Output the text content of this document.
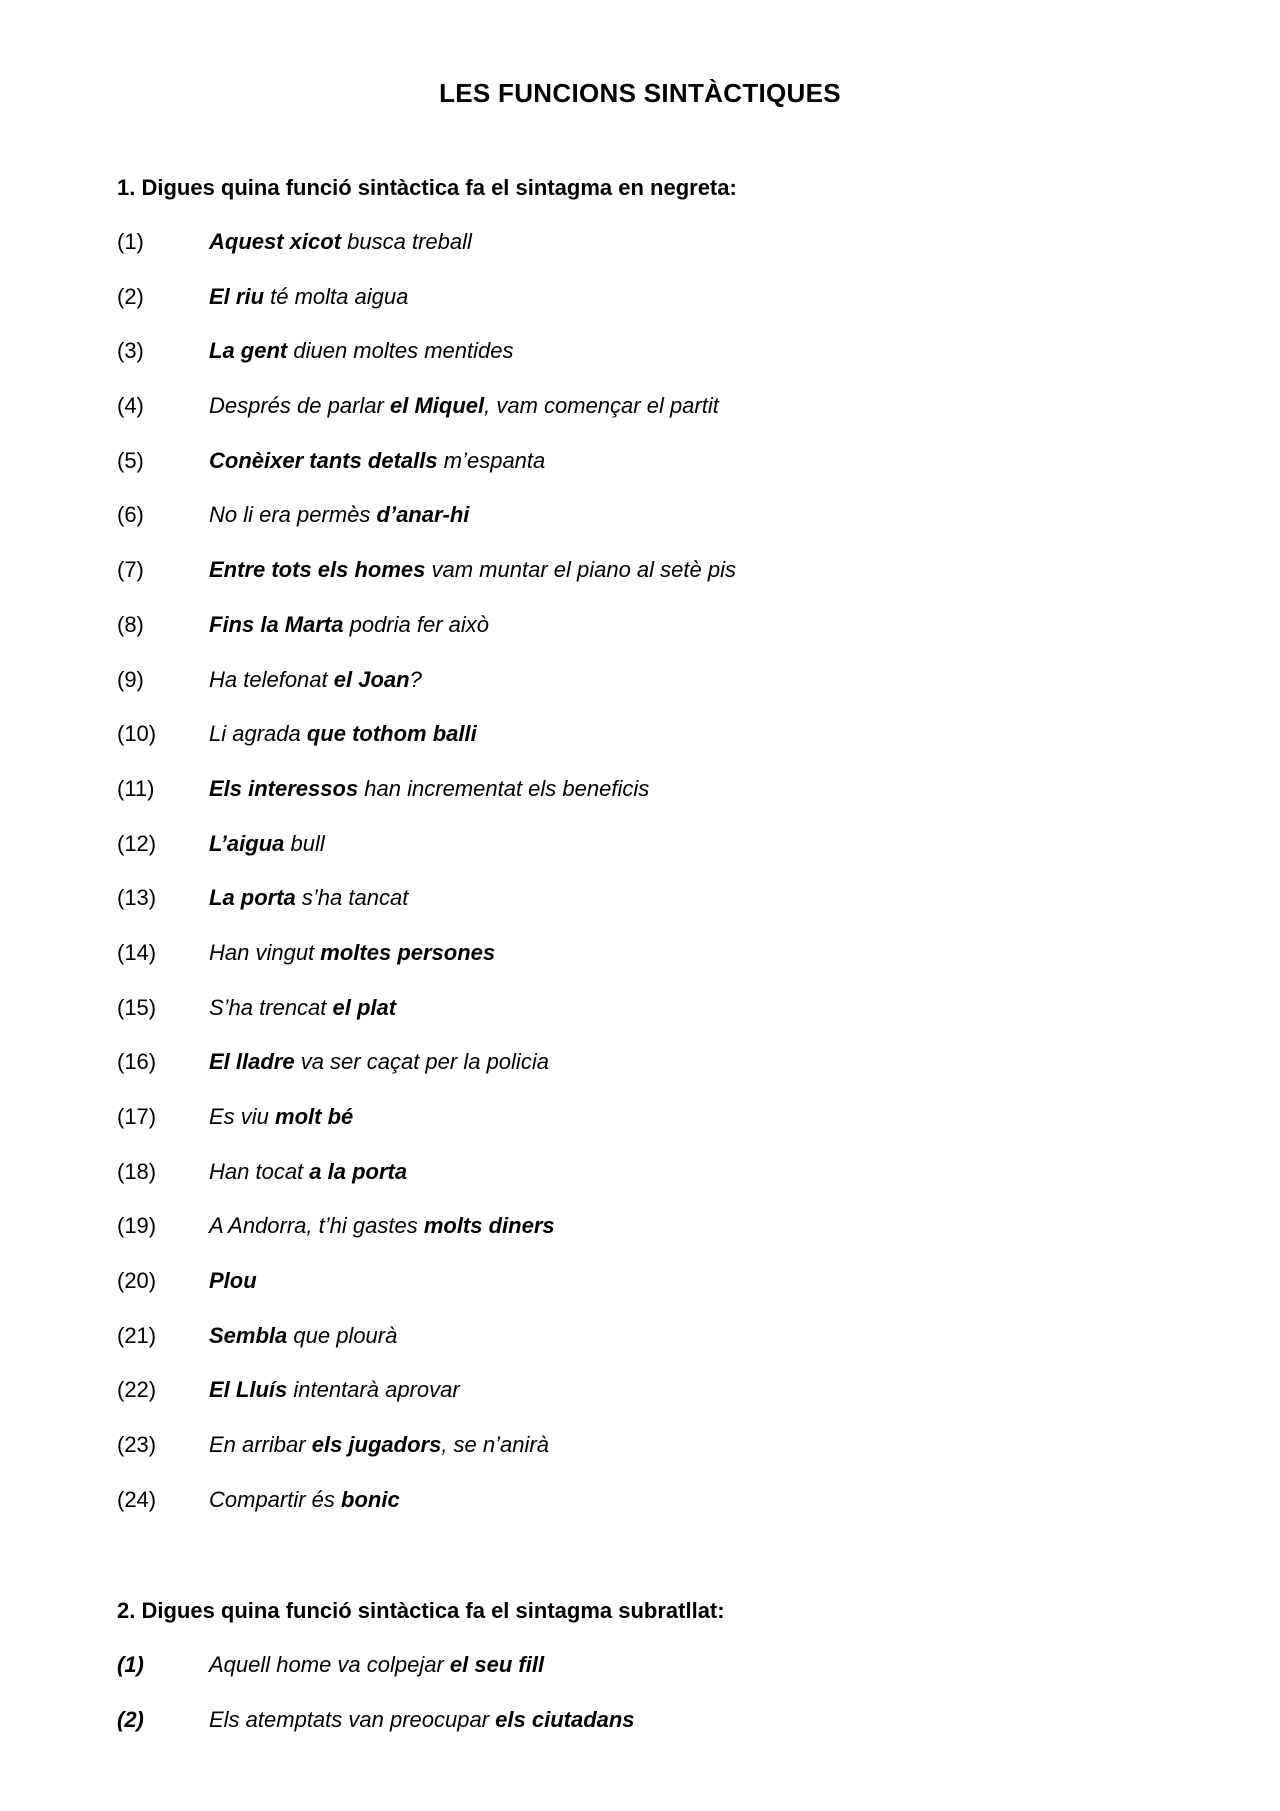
LES FUNCIONS SINTÀCTIQUES
1. Digues quina funció sintàctica fa el sintagma en negreta:
(1)	Aquest xicot busca treball
(2)	El riu té molta aigua
(3)	La gent diuen moltes mentides
(4)	Després de parlar el Miquel, vam començar el partit
(5)	Conèixer tants detalls m’espanta
(6)	No li era permès d’anar-hi
(7)	Entre tots els homes vam muntar el piano al setè pis
(8)	Fins la Marta podria fer això
(9)	Ha telefonat el Joan?
(10) Li agrada que tothom balli
(11) Els interessos han incrementat els beneficis
(12) L’aigua bull
(13) La porta s’ha tancat
(14) Han vingut moltes persones
(15) S’ha trencat el plat
(16) El lladre va ser caçat per la policia
(17) Es viu molt bé
(18) Han tocat a la porta
(19) A Andorra, t’hi gastes molts diners
(20) Plou
(21) Sembla que plourà
(22) El Lluís intentarà aprovar
(23) En arribar els jugadors, se n’anirà
(24) Compartir és bonic
2. Digues quina funció sintàctica fa el sintagma subratllat:
(1)	Aquell home va colpejar el seu fill
(2)	Els atemptats van preocupar els ciutadans
